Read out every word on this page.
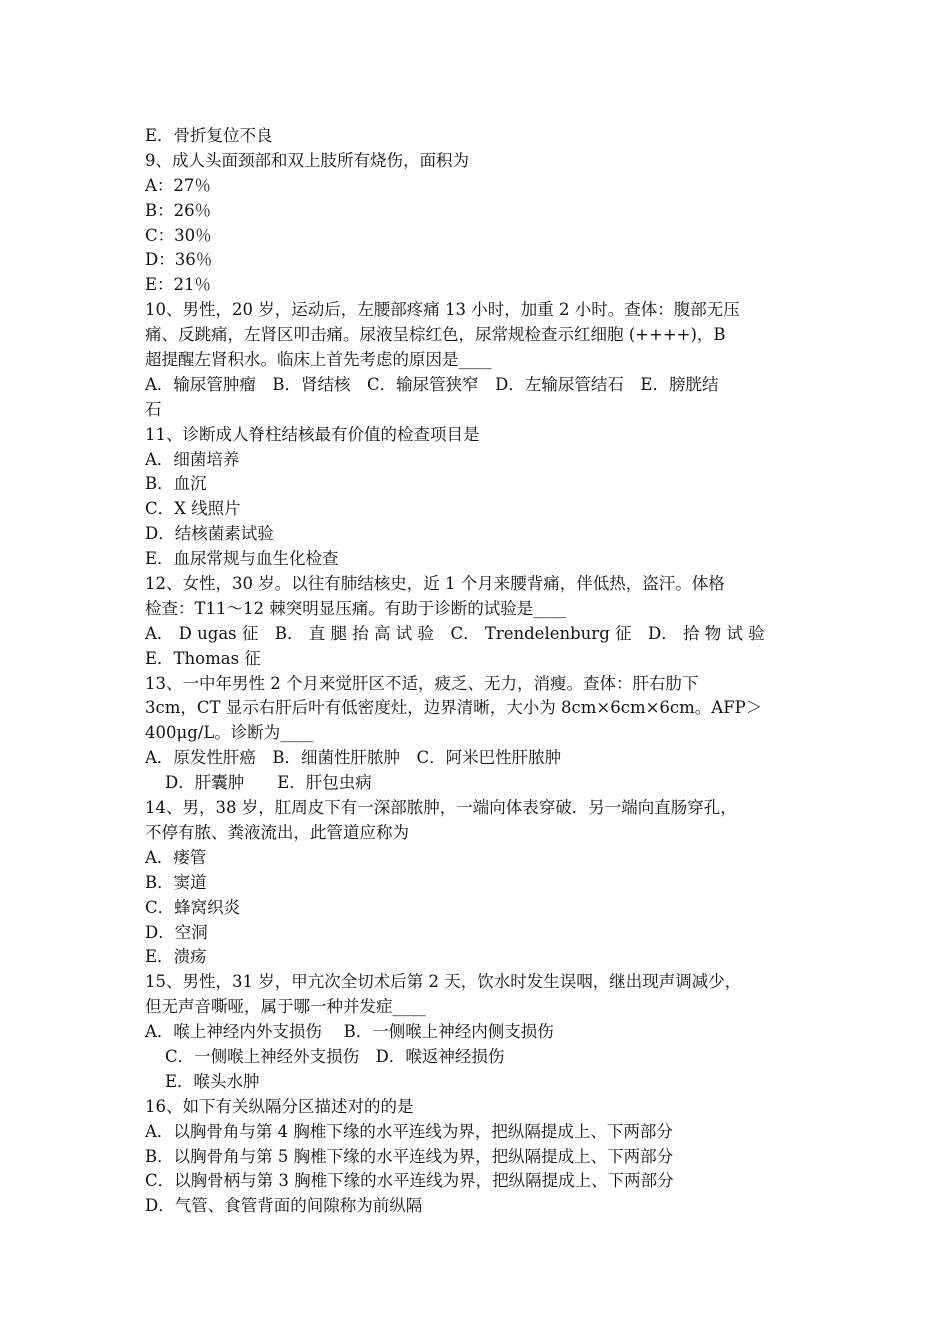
E．骨折复位不良
9、成人头面颈部和双上肢所有烧伤，面积为
A：27％
B：26％
C：30％
D：36％
E：21％
10、男性，20 岁，运动后，左腰部疼痛 13 小时，加重 2 小时。查体：腹部无压
痛、反跳痛，左肾区叩击痛。尿液呈棕红色，尿常规检查示红细胞 (++++)，B
超提醒左肾积水。临床上首先考虑的原因是____
A．输尿管肿瘤　B．肾结核　C．输尿管狭窄　D．左输尿管结石　E．膀胱结
石
11、诊断成人脊柱结核最有价值的检查项目是
A．细菌培养
B．血沉
C．X 线照片
D．结核菌素试验
E．血尿常规与血生化检查
12、女性，30 岁。以往有肺结核史，近 1 个月来腰背痛，伴低热，盗汗。体格
检查：T11～12 棘突明显压痛。有助于诊断的试验是____
A． D ugas 征　B． 直 腿 抬 高 试 验　C． Trendelenburg 征　D． 拾 物 试 验
E．Thomas 征
13、一中年男性 2 个月来觉肝区不适，疲乏、无力，消瘦。查体：肝右肋下
3cm，CT 显示右肝后叶有低密度灶，边界清晰，大小为 8cm×6cm×6cm。AFP＞
400μg/L。诊断为____
A．原发性肝癌　B．细菌性肝脓肿　C．阿米巴性肝脓肿
D．肝囊肿　　E．肝包虫病
14、男，38 岁，肛周皮下有一深部脓肿，一端向体表穿破．另一端向直肠穿孔，
不停有脓、粪液流出，此管道应称为
A．瘘管
B．窦道
C．蜂窝织炎
D．空洞
E．溃疡
15、男性，31 岁，甲亢次全切术后第 2 天，饮水时发生误咽，继出现声调减少，
但无声音嘶哑，属于哪一种并发症____
A．喉上神经内外支损伤　 B．一侧喉上神经内侧支损伤
C．一侧喉上神经外支损伤　D．喉返神经损伤
E．喉头水肿
16、如下有关纵隔分区描述对的的是
A．以胸骨角与第 4 胸椎下缘的水平连线为界，把纵隔提成上、下两部分
B．以胸骨角与第 5 胸椎下缘的水平连线为界，把纵隔提成上、下两部分
C．以胸骨柄与第 3 胸椎下缘的水平连线为界，把纵隔提成上、下两部分
D．气管、食管背面的间隙称为前纵隔
